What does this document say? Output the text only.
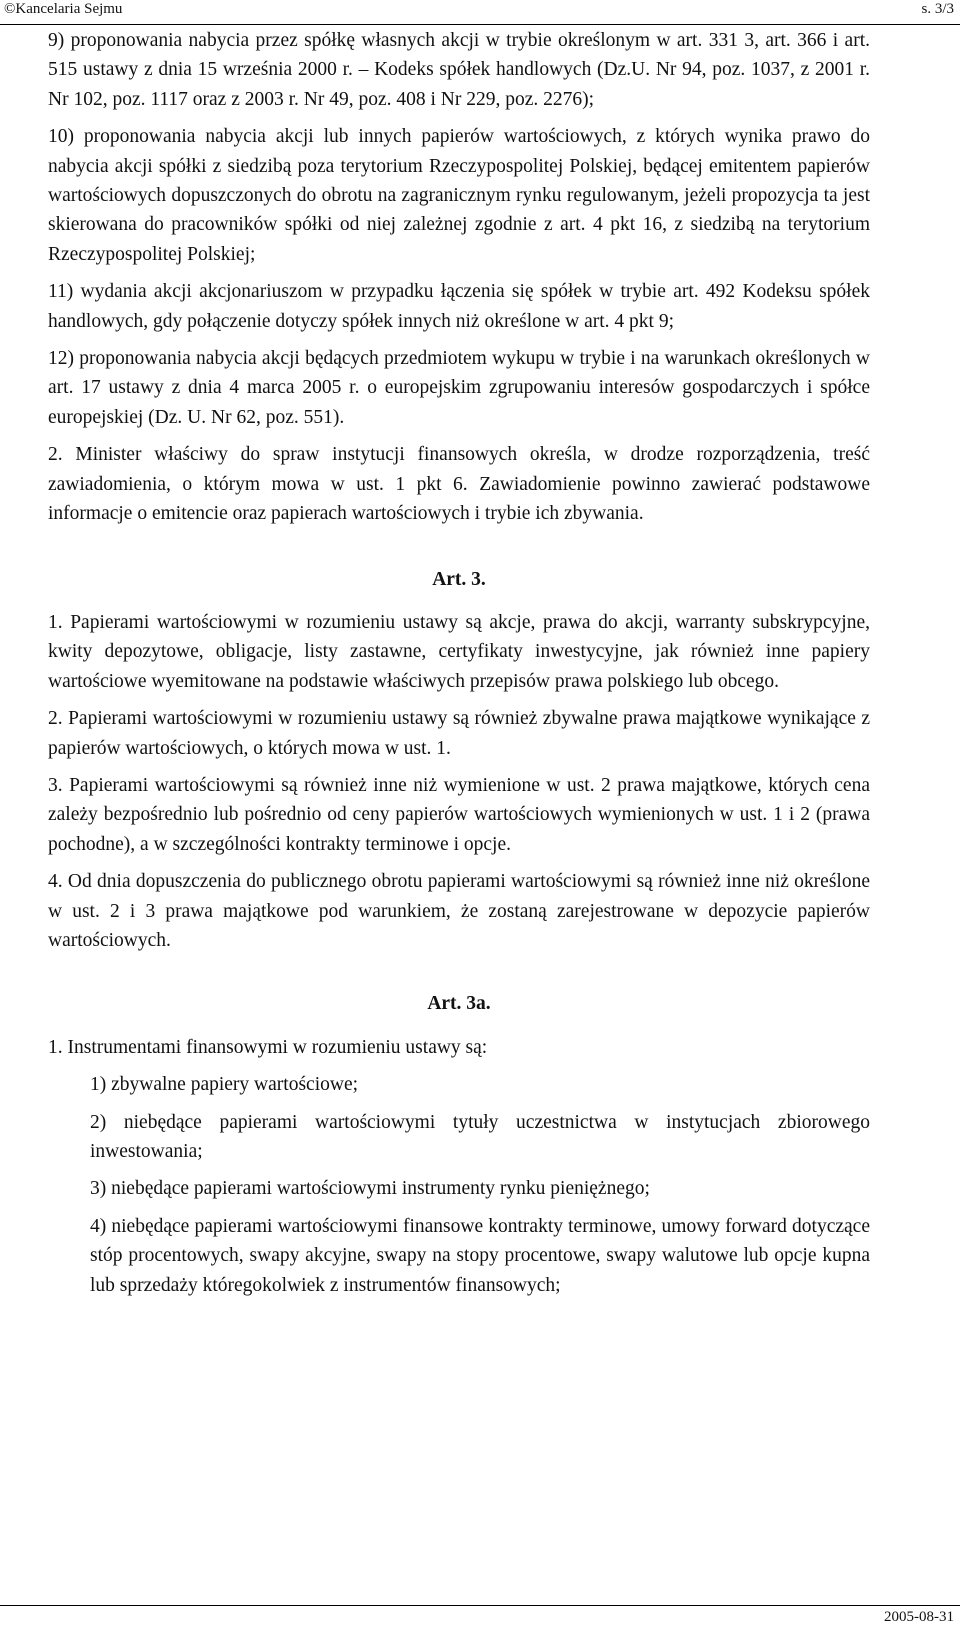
©Kancelaria Sejmu	s. 3/3
9) proponowania nabycia przez spółkę własnych akcji w trybie określonym w art. 331 3, art. 366 i art. 515 ustawy z dnia 15 września 2000 r. – Kodeks spółek handlowych (Dz.U. Nr 94, poz. 1037, z 2001 r. Nr 102, poz. 1117 oraz z 2003 r. Nr 49, poz. 408 i Nr 229, poz. 2276);
10) proponowania nabycia akcji lub innych papierów wartościowych, z których wynika prawo do nabycia akcji spółki z siedzibą poza terytorium Rzeczypospolitej Polskiej, będącej emitentem papierów wartościowych dopuszczonych do obrotu na zagranicznym rynku regulowanym, jeżeli propozycja ta jest skierowana do pracowników spółki od niej zależnej zgodnie z art. 4 pkt 16, z siedzibą na terytorium Rzeczypospolitej Polskiej;
11) wydania akcji akcjonariuszom w przypadku łączenia się spółek w trybie art. 492 Kodeksu spółek handlowych, gdy połączenie dotyczy spółek innych niż określone w art. 4 pkt 9;
12) proponowania nabycia akcji będących przedmiotem wykupu w trybie i na warunkach określonych w art. 17 ustawy z dnia 4 marca 2005 r. o europejskim zgrupowaniu interesów gospodarczych i spółce europejskiej (Dz. U. Nr 62, poz. 551).
2. Minister właściwy do spraw instytucji finansowych określa, w drodze rozporządzenia, treść zawiadomienia, o którym mowa w ust. 1 pkt 6. Zawiadomienie powinno zawierać podstawowe informacje o emitencie oraz papierach wartościowych i trybie ich zbywania.
Art. 3.
1. Papierami wartościowymi w rozumieniu ustawy są akcje, prawa do akcji, warranty subskrypcyjne, kwity depozytowe, obligacje, listy zastawne, certyfikaty inwestycyjne, jak również inne papiery wartościowe wyemitowane na podstawie właściwych przepisów prawa polskiego lub obcego.
2. Papierami wartościowymi w rozumieniu ustawy są również zbywalne prawa majątkowe wynikające z papierów wartościowych, o których mowa w ust. 1.
3. Papierami wartościowymi są również inne niż wymienione w ust. 2 prawa majątkowe, których cena zależy bezpośrednio lub pośrednio od ceny papierów wartościowych wymienionych w ust. 1 i 2 (prawa pochodne), a w szczególności kontrakty terminowe i opcje.
4. Od dnia dopuszczenia do publicznego obrotu papierami wartościowymi są również inne niż określone w ust. 2 i 3 prawa majątkowe pod warunkiem, że zostaną zarejestrowane w depozycie papierów wartościowych.
Art. 3a.
1. Instrumentami finansowymi w rozumieniu ustawy są:
1) zbywalne papiery wartościowe;
2) niebędące papierami wartościowymi tytuły uczestnictwa w instytucjach zbiorowego inwestowania;
3) niebędące papierami wartościowymi instrumenty rynku pieniężnego;
4) niebędące papierami wartościowymi finansowe kontrakty terminowe, umowy forward dotyczące stóp procentowych, swapy akcyjne, swapy na stopy procentowe, swapy walutowe lub opcje kupna lub sprzedaży któregokolwiek z instrumentów finansowych;
2005-08-31
